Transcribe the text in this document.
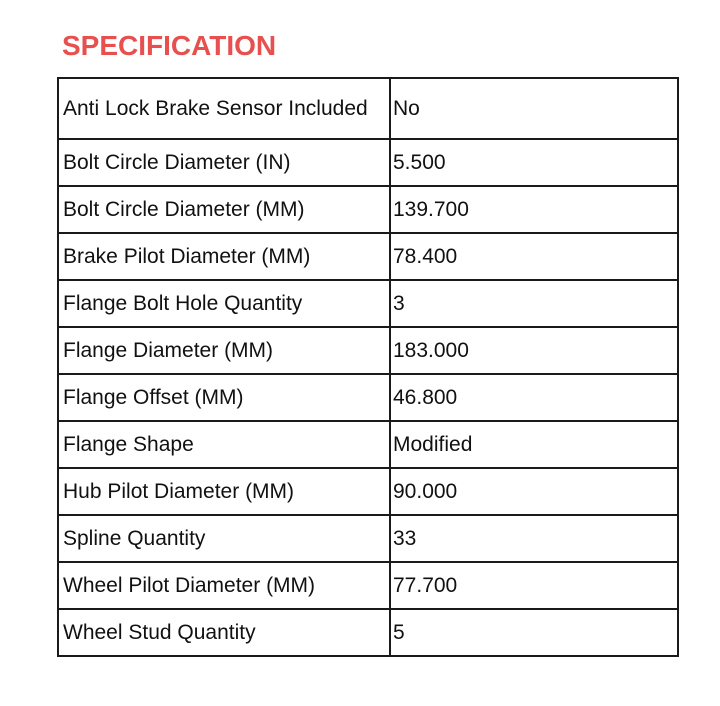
SPECIFICATION
Anti Lock Brake Sensor Included	No
Bolt Circle Diameter (IN)	5.500
Bolt Circle Diameter (MM)	139.700
Brake Pilot Diameter (MM)	78.400
Flange Bolt Hole Quantity	3
Flange Diameter (MM)	183.000
Flange Offset (MM)	46.800
Flange Shape	Modified
Hub Pilot Diameter (MM)	90.000
Spline Quantity	33
Wheel Pilot Diameter (MM)	77.700
Wheel Stud Quantity	5
